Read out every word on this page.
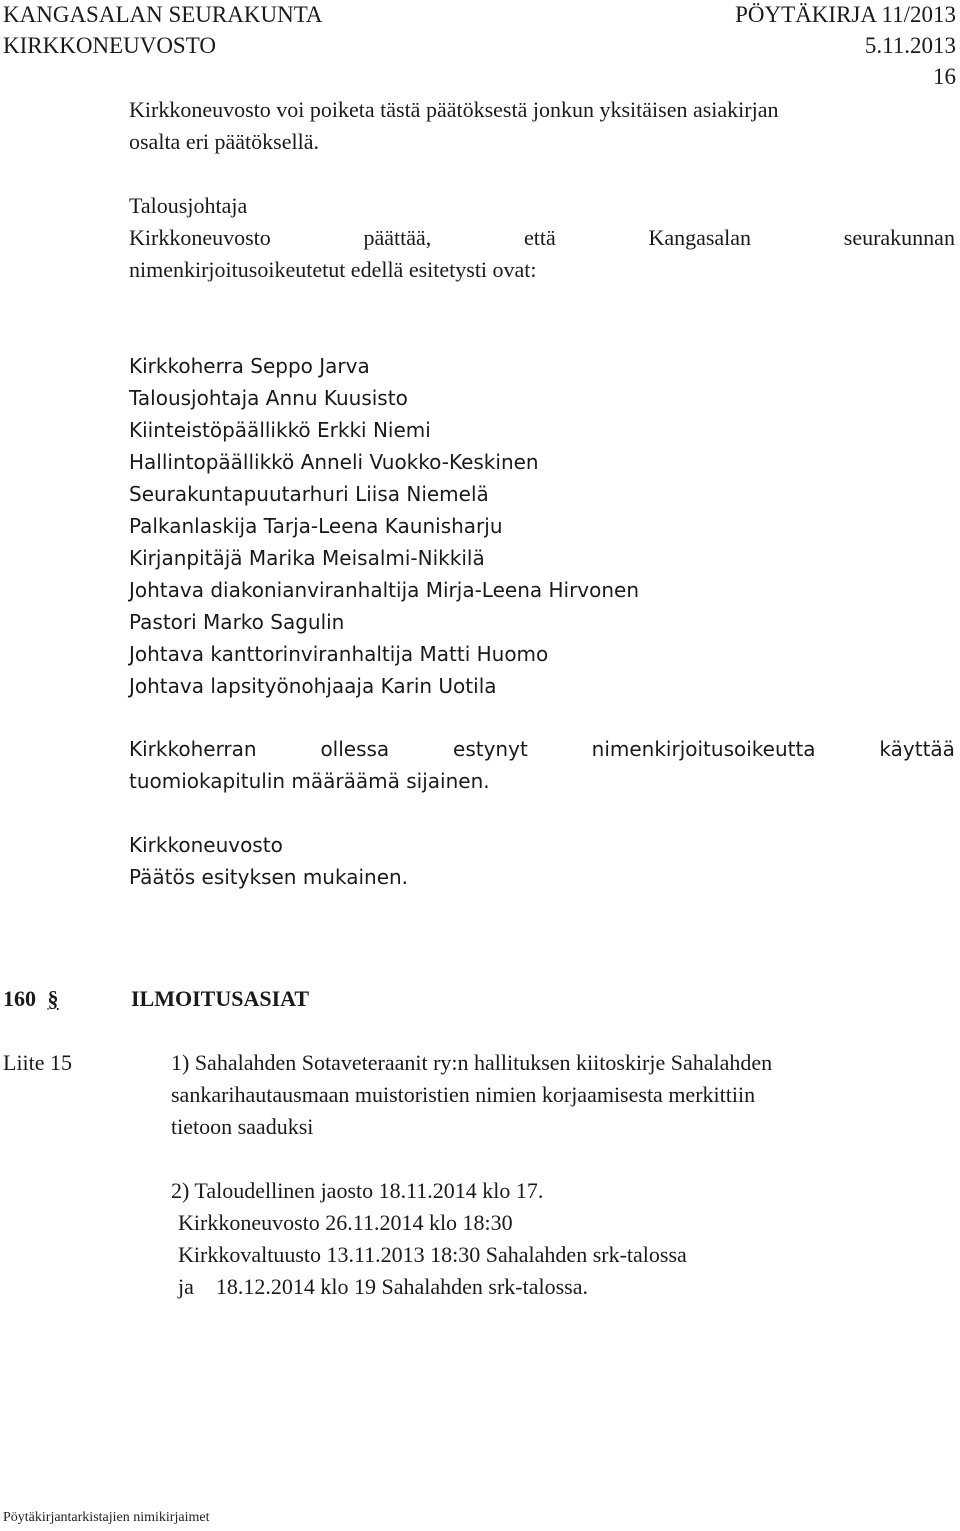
KANGASALAN SEURAKUNTA	PÖYTÄKIRJA 11/2013
KIRKKONEUVOSTO	5.11.2013
16
Kirkkoneuvosto voi poiketa tästä päätöksestä jonkun yksitäisen asiakirjan
osalta eri päätöksellä.
Talousjohtaja
Kirkkoneuvosto	päättää,	että	Kangasalan	seurakunnan
nimenkirjoitusoikeutetut edellä esitetysti ovat:
Kirkkoherra Seppo Jarva
Talousjohtaja Annu Kuusisto
Kiinteistöpäällikkö Erkki Niemi
Hallintopäällikkö Anneli Vuokko-Keskinen
Seurakuntapuutarhuri Liisa Niemelä
Palkanlaskija Tarja-Leena Kaunisharju
Kirjanpitäjä Marika Meisalmi-Nikkilä
Johtava diakonianviranhaltija Mirja-Leena Hirvonen
Pastori Marko Sagulin
Johtava kanttorinviranhaltija Matti Huomo
Johtava lapsityönohjaaja Karin Uotila
Kirkkoherran	ollessa	estynyt	nimenkirjoitusoikeutta	käyttää
tuomiokapitulin määräämä sijainen.
Kirkkoneuvosto
Päätös esityksen mukainen.
160 §	ILMOITUSASIAT
Liite 15	1) Sahalahden Sotaveteraanit ry:n hallituksen kiitoskirje Sahalahden
sankarihautausmaan muistoristien nimien korjaamisesta merkittiin
tietoon saaduksi
2) Taloudellinen jaosto 18.11.2014 klo 17.
Kirkkoneuvosto 26.11.2014 klo 18:30
Kirkkovaltuusto 13.11.2013 18:30 Sahalahden srk-talossa
ja    18.12.2014 klo 19 Sahalahden srk-talossa.
Pöytäkirjantarkistajien nimikirjaimet
